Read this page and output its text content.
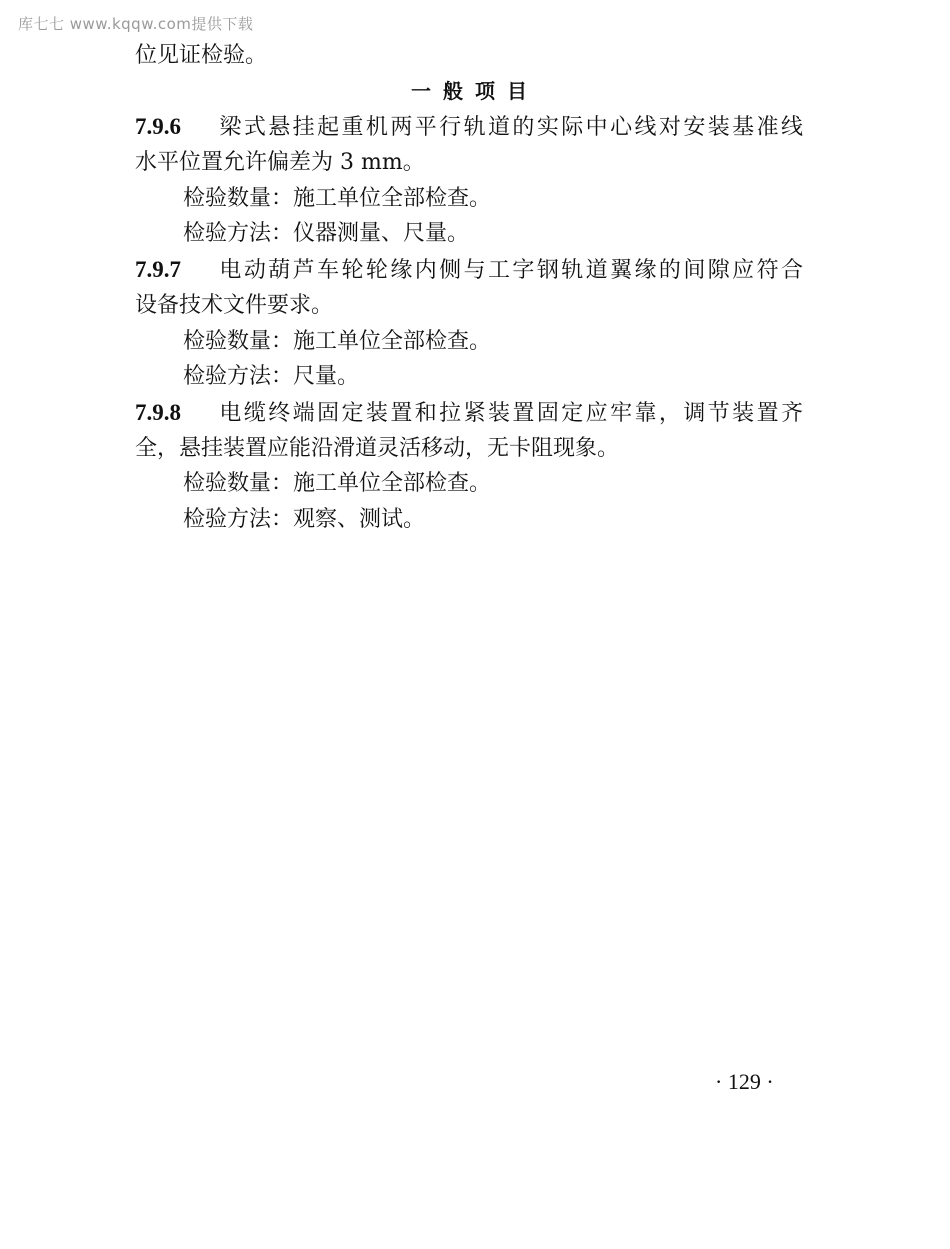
库七七 www.kqqw.com提供下载
位见证检验。
一般项目
7.9.6 梁式悬挂起重机两平行轨道的实际中心线对安装基准线
水平位置允许偏差为 3 mm。
检验数量：施工单位全部检查。
检验方法：仪器测量、尺量。
7.9.7 电动葫芦车轮轮缘内侧与工字钢轨道翼缘的间隙应符合
设备技术文件要求。
检验数量：施工单位全部检查。
检验方法：尺量。
7.9.8 电缆终端固定装置和拉紧装置固定应牢靠，调节装置齐
全，悬挂装置应能沿滑道灵活移动，无卡阻现象。
检验数量：施工单位全部检查。
检验方法：观察、测试。
· 129 ·
